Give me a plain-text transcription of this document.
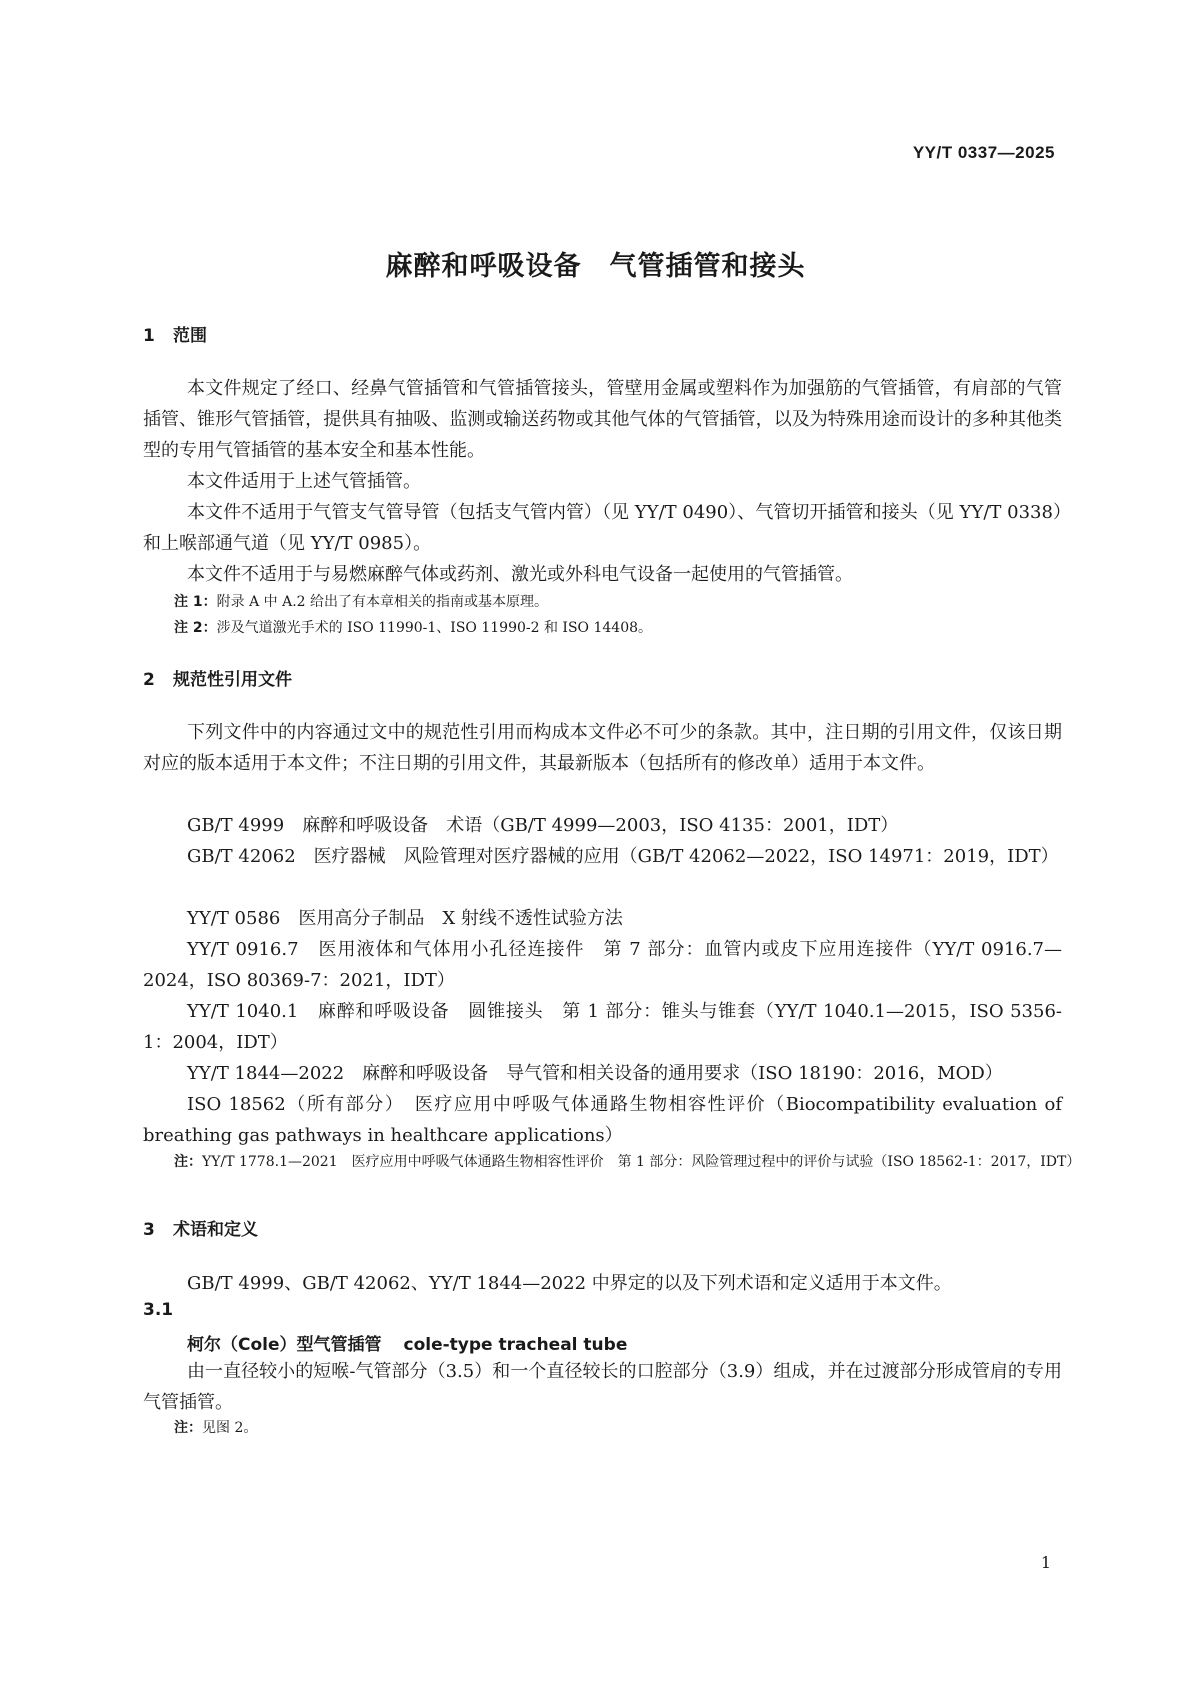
YY/T 0337—2025
麻醉和呼吸设备　气管插管和接头
1 范围
本文件规定了经口、经鼻气管插管和气管插管接头，管壁用金属或塑料作为加强筋的气管插管，有肩部的气管插管、锥形气管插管，提供具有抽吸、监测或输送药物或其他气体的气管插管，以及为特殊用途而设计的多种其他类型的专用气管插管的基本安全和基本性能。
本文件适用于上述气管插管。
本文件不适用于气管支气管导管（包括支气管内管）（见 YY/T 0490）、气管切开插管和接头（见 YY/T 0338）和上喉部通气道（见 YY/T 0985）。
本文件不适用于与易燃麻醉气体或药剂、激光或外科电气设备一起使用的气管插管。
注 1：附录 A 中 A.2 给出了有本章相关的指南或基本原理。
注 2：涉及气道激光手术的 ISO 11990-1、ISO 11990-2 和 ISO 14408。
2 规范性引用文件
下列文件中的内容通过文中的规范性引用而构成本文件必不可少的条款。其中，注日期的引用文件，仅该日期对应的版本适用于本文件；不注日期的引用文件，其最新版本（包括所有的修改单）适用于本文件。
GB/T 4999　麻醉和呼吸设备　术语（GB/T 4999—2003，ISO 4135：2001，IDT）
GB/T 42062　医疗器械　风险管理对医疗器械的应用（GB/T 42062—2022，ISO 14971：2019，IDT）
YY/T 0586　医用高分子制品　X 射线不透性试验方法
YY/T 0916.7　医用液体和气体用小孔径连接件　第 7 部分：血管内或皮下应用连接件（YY/T 0916.7—2024，ISO 80369-7：2021，IDT）
YY/T 1040.1　麻醉和呼吸设备　圆锥接头　第 1 部分：锥头与锥套（YY/T 1040.1—2015，ISO 5356-1：2004，IDT）
YY/T 1844—2022　麻醉和呼吸设备　导气管和相关设备的通用要求（ISO 18190：2016，MOD）
ISO 18562（所有部分）　医疗应用中呼吸气体通路生物相容性评价（Biocompatibility evaluation of breathing gas pathways in healthcare applications）
注：YY/T 1778.1—2021　医疗应用中呼吸气体通路生物相容性评价　第 1 部分：风险管理过程中的评价与试验（ISO 18562-1：2017，IDT）
3 术语和定义
GB/T 4999、GB/T 42062、YY/T 1844—2022 中界定的以及下列术语和定义适用于本文件。
3.1
柯尔（Cole）型气管插管 cole-type tracheal tube
由一直径较小的短喉-气管部分（3.5）和一个直径较长的口腔部分（3.9）组成，并在过渡部分形成管肩的专用气管插管。
注：见图 2。
1
